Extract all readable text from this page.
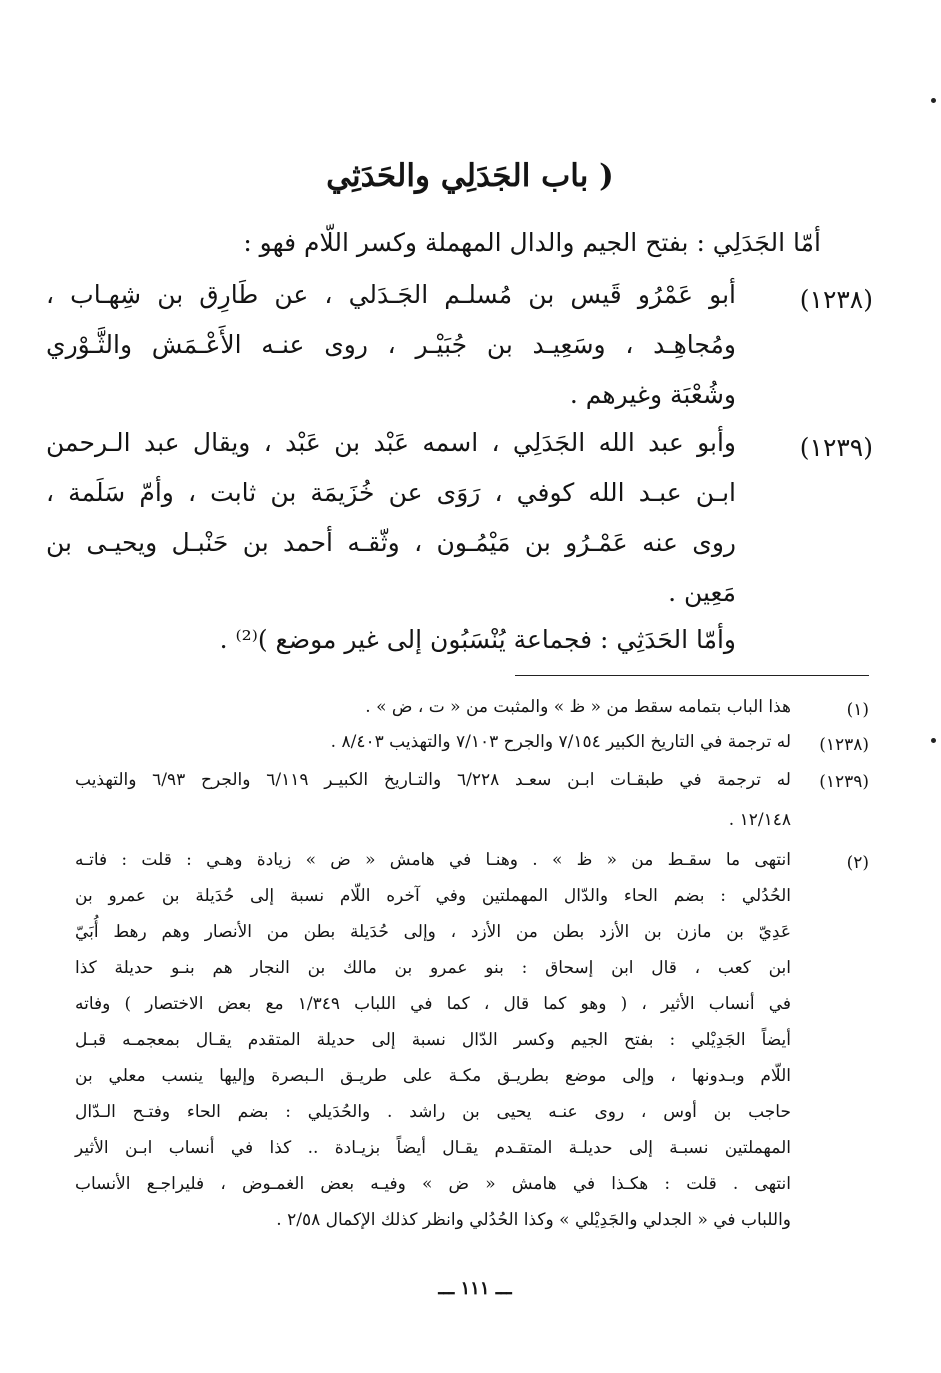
( باب الجَدَلِي والحَدَثِي
أمّا الجَدَلِي : بفتح الجيم والدال المهملة وكسر اللّام فهو :
(١٢٣٨)
أبو عَمْرُو قَيس بن مُسلـم الجَـدَلي ، عن طَارِق بن شِهـاب ،
ومُجاهِـد ، وسَعِيـد بن جُبَيْـر ، روى عنـه الأَعْـمَش والثَّـوْري
وشُعْبَة وغيرهم .
(١٢٣٩)
وأبو عبد الله الجَدَلِي ، اسمه عَبْد بن عَبْد ، ويقال عبد الـرحمن
ابـن عبـد الله كوفي ، رَوَى عن خُزَيمَة بن ثابت ، وأمّ سَلَمة ،
روى عنه عَمْـرُو بن مَيْمُـون ، وثّقـه أحمد بن حَنْبـل ويحيـى بن
مَعِين .
وأمّا الحَدَثِي : فجماعة يُنْسَبُون إلى غير موضع )⁽²⁾ .
(١)
هذا الباب بتمامه سقط من « ظ » والمثبت من « ت ، ض » .
(١٢٣٨)
له ترجمة في التاريخ الكبير ٧/١٥٤ والجرح ٧/١٠٣ والتهذيب ٨/٤٠٣ .
(١٢٣٩)
له ترجمة في طبقـات ابـن سعـد ٦/٢٢٨ والتـاريخ الكبيـر ٦/١١٩ والجرح ٦/٩٣ والتهذيب
١٢/١٤٨ .
(٢)
انتهى ما سقـط من « ظ » . وهنـا في هامش « ض » زيادة وهـي : قلت : فاتـه
الحُدُلي : بضم الحاء والدّال المهملتين وفي آخره اللّام نسبة إلى حُدَيلة بن عمرو بن
عَدِيّ بن مازن بن الأزد بطن من الأزد ، وإلى حُدَيلة بطن من الأنصار وهم رهط أُبَيّ
ابن كعب ، قال ابن إسحاق : بنو عمرو بن مالك بن النجار هم بنـو حديلة كذا
في أنساب الأثير ، ( وهو كما قال ، كما في اللباب ١/٣٤٩ مع بعض الاختصار ) وفاته
أيضاً الجَدِيْلي : بفتح الجيم وكسر الدّال نسبة إلى حديلة المتقدم يقـال بمعجمـه قبـل
اللّام وبـدونها ، وإلى موضع بطريـق مكـة على طريـق الـبصرة وإليها ينسب معلي بن
حاجب بن أوس ، روى عنـه يحيى بن راشد . والحُدَيلي : بضم الحاء وفتـح الـدّال
المهملتين نسبـة إلى حديلـة المتقـدم يقـال أيضاً بزيـادة .. كذا في أنساب ابـن الأثير
انتهى . قلت : هكـذا في هامش « ض » وفيـه بعض الغمـوض ، فليراجـع الأنساب
واللباب في « الجدلي والجَدِيْلي » وكذا الحُدُلي وانظر كذلك الإكمال ٢/٥٨ .
ـــ ١١١ ـــ
